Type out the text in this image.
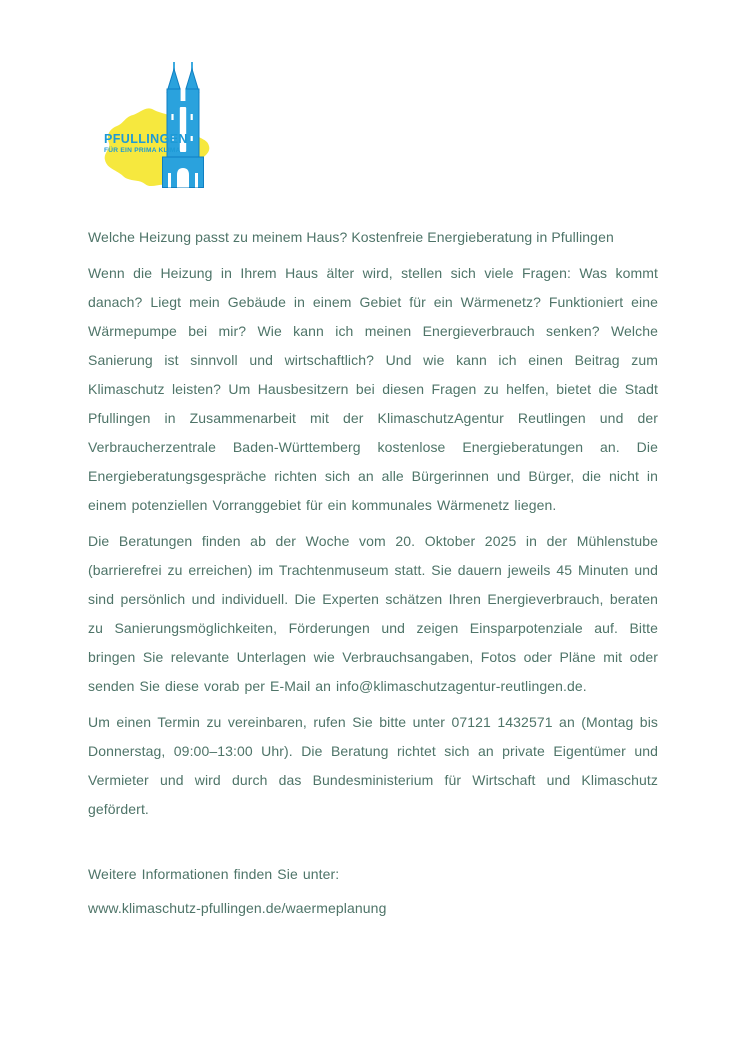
PFULLINGEN
FÜR EIN PRIMA KLIMA
Welche Heizung passt zu meinem Haus? Kostenfreie Energieberatung in Pfullingen

Wenn die Heizung in Ihrem Haus älter wird, stellen sich viele Fragen: Was kommt danach? Liegt mein Gebäude in einem Gebiet für ein Wärmenetz? Funktioniert eine Wärmepumpe bei mir? Wie kann ich meinen Energieverbrauch senken? Welche Sanierung ist sinnvoll und wirtschaftlich? Und wie kann ich einen Beitrag zum Klimaschutz leisten? Um Hausbesitzern bei diesen Fragen zu helfen, bietet die Stadt Pfullingen in Zusammenarbeit mit der KlimaschutzAgentur Reutlingen und der Verbraucherzentrale Baden-Württemberg kostenlose Energieberatungen an. Die Energieberatungsgespräche richten sich an alle Bürgerinnen und Bürger, die nicht in einem potenziellen Vorranggebiet für ein kommunales Wärmenetz liegen.

Die Beratungen finden ab der Woche vom 20. Oktober 2025 in der Mühlenstube (barrierefrei zu erreichen) im Trachtenmuseum statt. Sie dauern jeweils 45 Minuten und sind persönlich und individuell. Die Experten schätzen Ihren Energieverbrauch, beraten zu Sanierungsmöglichkeiten, Förderungen und zeigen Einsparpotenziale auf. Bitte bringen Sie relevante Unterlagen wie Verbrauchsangaben, Fotos oder Pläne mit oder senden Sie diese vorab per E-Mail an info@klimaschutzagentur-reutlingen.de.

Um einen Termin zu vereinbaren, rufen Sie bitte unter 07121 1432571 an (Montag bis Donnerstag, 09:00–13:00 Uhr). Die Beratung richtet sich an private Eigentümer und Vermieter und wird durch das Bundesministerium für Wirtschaft und Klimaschutz gefördert.

Weitere Informationen finden Sie unter:

www.klimaschutz-pfullingen.de/waermeplanung
